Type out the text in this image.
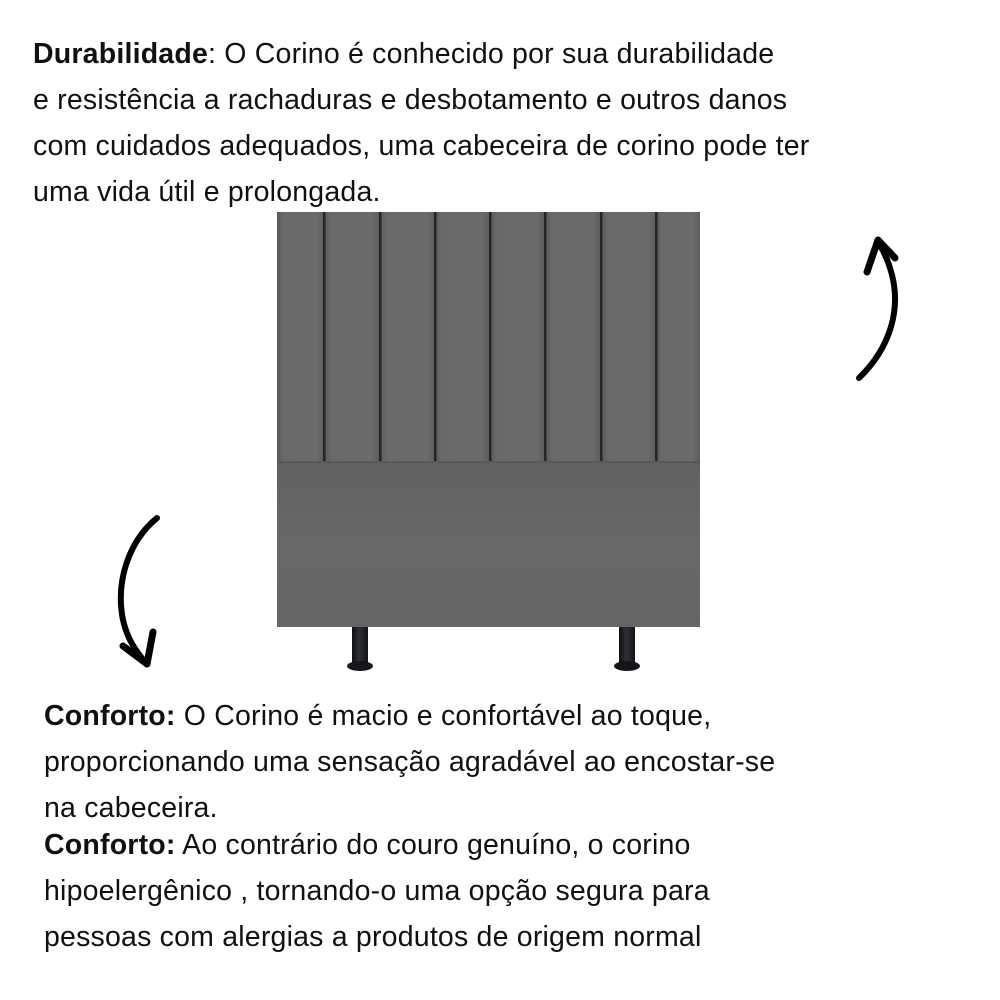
Durabilidade: O Corino é conhecido por sua durabilidade
e resistência a rachaduras e desbotamento e outros danos
com cuidados adequados, uma cabeceira de corino pode ter
uma vida útil e prolongada.
Conforto: O Corino é macio e confortável ao toque,
proporcionando uma sensação agradável ao encostar-se
na cabeceira.
Conforto: Ao contrário do couro genuíno, o corino
hipoelergênico , tornando-o uma opção segura para
pessoas com alergias a produtos de origem normal
